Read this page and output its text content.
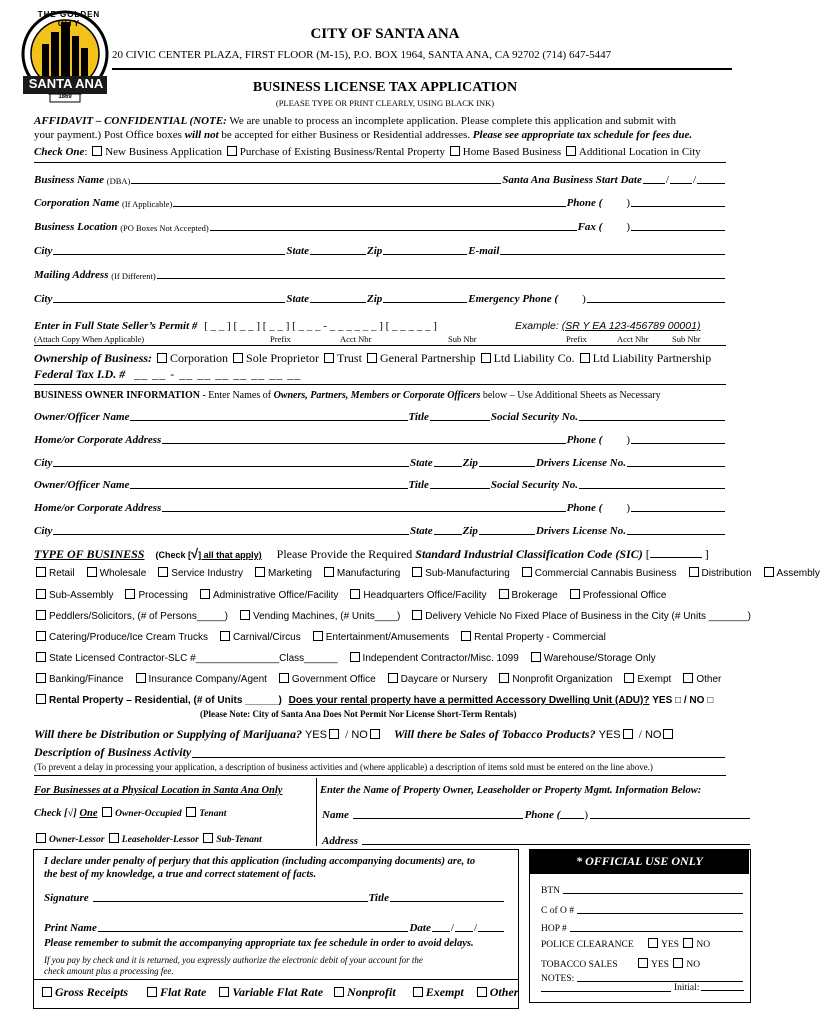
THE GOLDEN CITY
SANTA ANA
1869
CITY OF SANTA ANA
20 CIVIC CENTER PLAZA, FIRST FLOOR (M-15), P.O. BOX 1964, SANTA ANA, CA 92702 (714) 647-5447
BUSINESS LICENSE TAX APPLICATION
(PLEASE TYPE OR PRINT CLEARLY, USING BLACK INK)
AFFIDAVIT – CONFIDENTIAL (NOTE: We are unable to process an incomplete application. Please complete this application and submit with
your payment.) Post Office boxes will not be accepted for either Business or Residential addresses. Please see appropriate tax schedule for fees due.
Check One: New Business Application Purchase of Existing Business/Rental Property Home Based Business Additional Location in City
Business Name
(DBA)	Santa Ana Business Start Date / /
Corporation Name
(If Applicable)	Phone ( )
Business Location
(PO Boxes Not Accepted)	Fax ( )
City	State	Zip	E-mail
Mailing Address
(If Different)
City	State	Zip	Emergency Phone ( )
Enter in Full State Seller’s Permit # [ _ _ ] [ _ _ ] [ _ _ ] [ _ _ _ - _ _ _ _ _ _ ] [ _ _ _ _ _ ]	Example: (SR Y EA 123-456789 00001)
(Attach Copy When Applicable)	Prefix	Acct Nbr	Sub Nbr	Prefix	Acct Nbr	Sub Nbr
Ownership of Business: Corporation Sole Proprietor Trust General Partnership Ltd Liability Co. Ltd Liability Partnership
Federal Tax I.D. # __ __ - __ __ __ __ __ __ __
BUSINESS OWNER INFORMATION - Enter Names of Owners, Partners, Members or Corporate Officers below – Use Additional Sheets as Necessary
Owner/Officer Name	Title	Social Security No.
Home/or Corporate Address	Phone ( )
City	State	Zip	Drivers License No.
Owner/Officer Name	Title	Social Security No.
Home/or Corporate Address	Phone ( )
City	State	Zip	Drivers License No.
TYPE OF BUSINESS (Check [√] all that apply) Please Provide the Required Standard Industrial Classification Code (SIC) [	]
Retail	Wholesale	Service Industry	Marketing	Manufacturing	Sub-Manufacturing	Commercial Cannabis Business	Distribution	Assembly
Sub-Assembly	Processing	Administrative Office/Facility	Headquarters Office/Facility	Brokerage	Professional Office
Peddlers/Solicitors, (# of Persons_____)	Vending Machines, (# Units____)	Delivery Vehicle No Fixed Place of Business in the City (# Units _______)
Catering/Produce/Ice Cream Trucks	Carnival/Circus	Entertainment/Amusements	Rental Property - Commercial
State Licensed Contractor-SLC #_______________Class______	Independent Contractor/Misc. 1099	Warehouse/Storage Only
Banking/Finance	Insurance Company/Agent	Government Office	Daycare or Nursery	Nonprofit Organization	Exempt	Other
Rental Property – Residential, (# of Units ______) Does your rental property have a permitted Accessory Dwelling Unit (ADU)? YES □ / NO □
(Please Note: City of Santa Ana Does Not Permit Nor License Short-Term Rentals)
Will there be Distribution or Supplying of Marijuana? YES / NO Will there be Sales of Tobacco Products? YES / NO
Description of Business Activity
(To prevent a delay in processing your application, a description of business activities and (where applicable) a description of items sold must be entered on the line above.)
For Businesses at a Physical Location in Santa Ana Only	Enter the Name of Property Owner, Leaseholder or Property Mgmt. Information Below:
Check [√] One Owner-Occupied Tenant	Name	Phone ( )
Owner-Lessor Leaseholder-Lessor Sub-Tenant	Address
I declare under penalty of perjury that this application (including accompanying documents) are, to
the best of my knowledge, a true and correct statement of facts.
Signature	Title
Print Name	Date / /
Please remember to submit the accompanying appropriate tax fee schedule in order to avoid delays.
If you pay by check and it is returned, you expressly authorize the electronic debit of your account for the
check amount plus a processing fee.
Gross Receipts	Flat Rate Variable Flat Rate Nonprofit	Exempt Other
* OFFICIAL USE ONLY
BTN
C of O #
HOP #
POLICE CLEARANCE	YES NO
TOBACCO SALES	YES NO
NOTES:
Initial:
